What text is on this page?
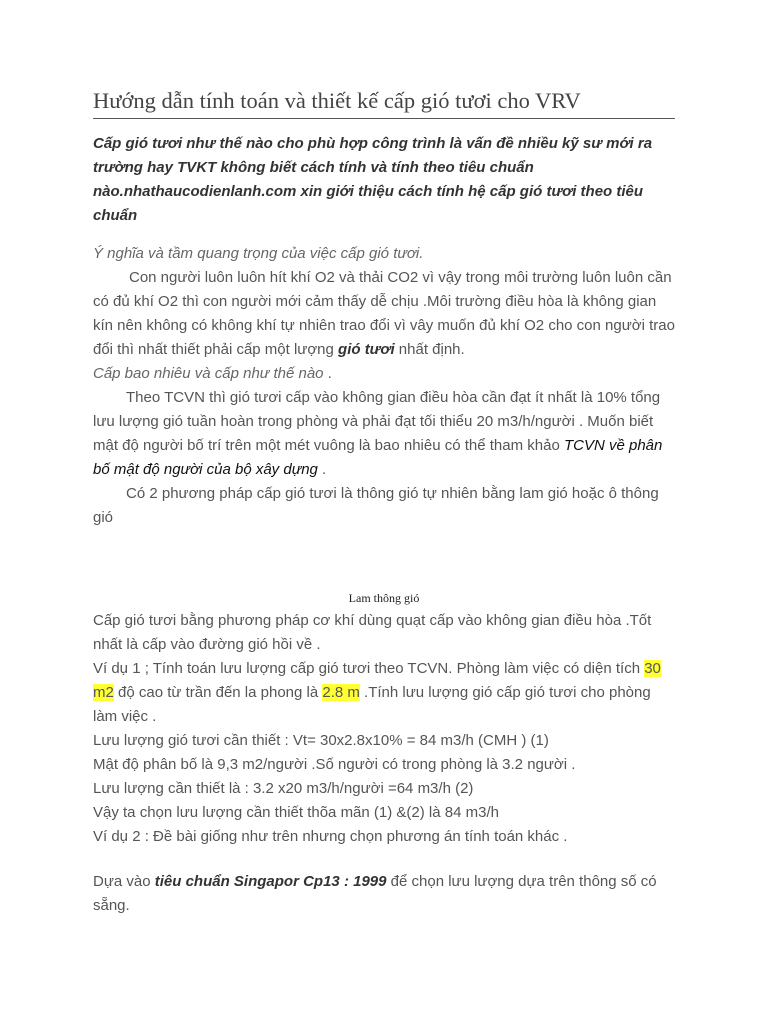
Hướng dẫn tính toán và thiết kế cấp gió tươi cho VRV
Cấp gió tươi như thế nào cho phù hợp công trình là vấn đề nhiều kỹ sư mới ra trường hay TVKT không biết cách tính và tính theo tiêu chuẩn nào.nhathaucodienlanh.com xin giới thiệu cách tính hệ cấp gió tươi theo tiêu chuẩn

Ý nghĩa và tầm quang trọng của việc cấp gió tươi.

Con người luôn luôn hít khí O2 và thải CO2 vì vậy trong môi trường luôn luôn cần có đủ khí O2 thì con người mới cảm thấy dễ chịu .Môi trường điều hòa là không gian kín nên không có không khí tự nhiên trao đổi vì vây muốn đủ khí O2 cho con người trao đổi thì nhất thiết phải cấp một lượng gió tươi nhất định.

Cấp bao nhiêu và cấp như thế nào .

Theo TCVN thì gió tươi cấp vào không gian điều hòa cần đạt ít nhất là 10% tổng lưu lượng gió tuần hoàn trong phòng và phải đạt tối thiểu 20 m3/h/người . Muốn biết mật độ người bố trí trên một mét vuông là bao nhiêu có thể tham khảo TCVN về phân bố mật độ người của bộ xây dựng .

Có 2 phương pháp cấp gió tươi là thông gió tự nhiên bằng lam gió hoặc ô thông gió

Lam thông gió

Cấp gió tươi bằng phương pháp cơ khí dùng quạt cấp vào không gian điều hòa .Tốt nhất là cấp vào đường gió hồi về .

Ví dụ 1 ; Tính toán lưu lượng cấp gió tươi theo TCVN. Phòng làm việc có diện tích 30 m2 độ cao từ trần đến la phong là 2.8 m .Tính lưu lượng gió cấp gió tươi cho phòng làm việc .

Lưu lượng gió tươi cần thiết : Vt= 30x2.8x10% = 84 m3/h (CMH ) (1)

Mật độ phân bố là 9,3 m2/người .Số người có trong phòng là 3.2 người .

Lưu lượng cần thiết là : 3.2 x20 m3/h/người =64 m3/h (2)

Vậy ta chọn lưu lượng cần thiết thõa mãn (1) &(2) là 84 m3/h

Ví dụ 2 : Đề bài giống như trên nhưng chọn phương án tính toán khác .

Dựa vào tiêu chuẩn Singapor Cp13 : 1999 để chọn lưu lượng dựa trên thông số có sẵng.
